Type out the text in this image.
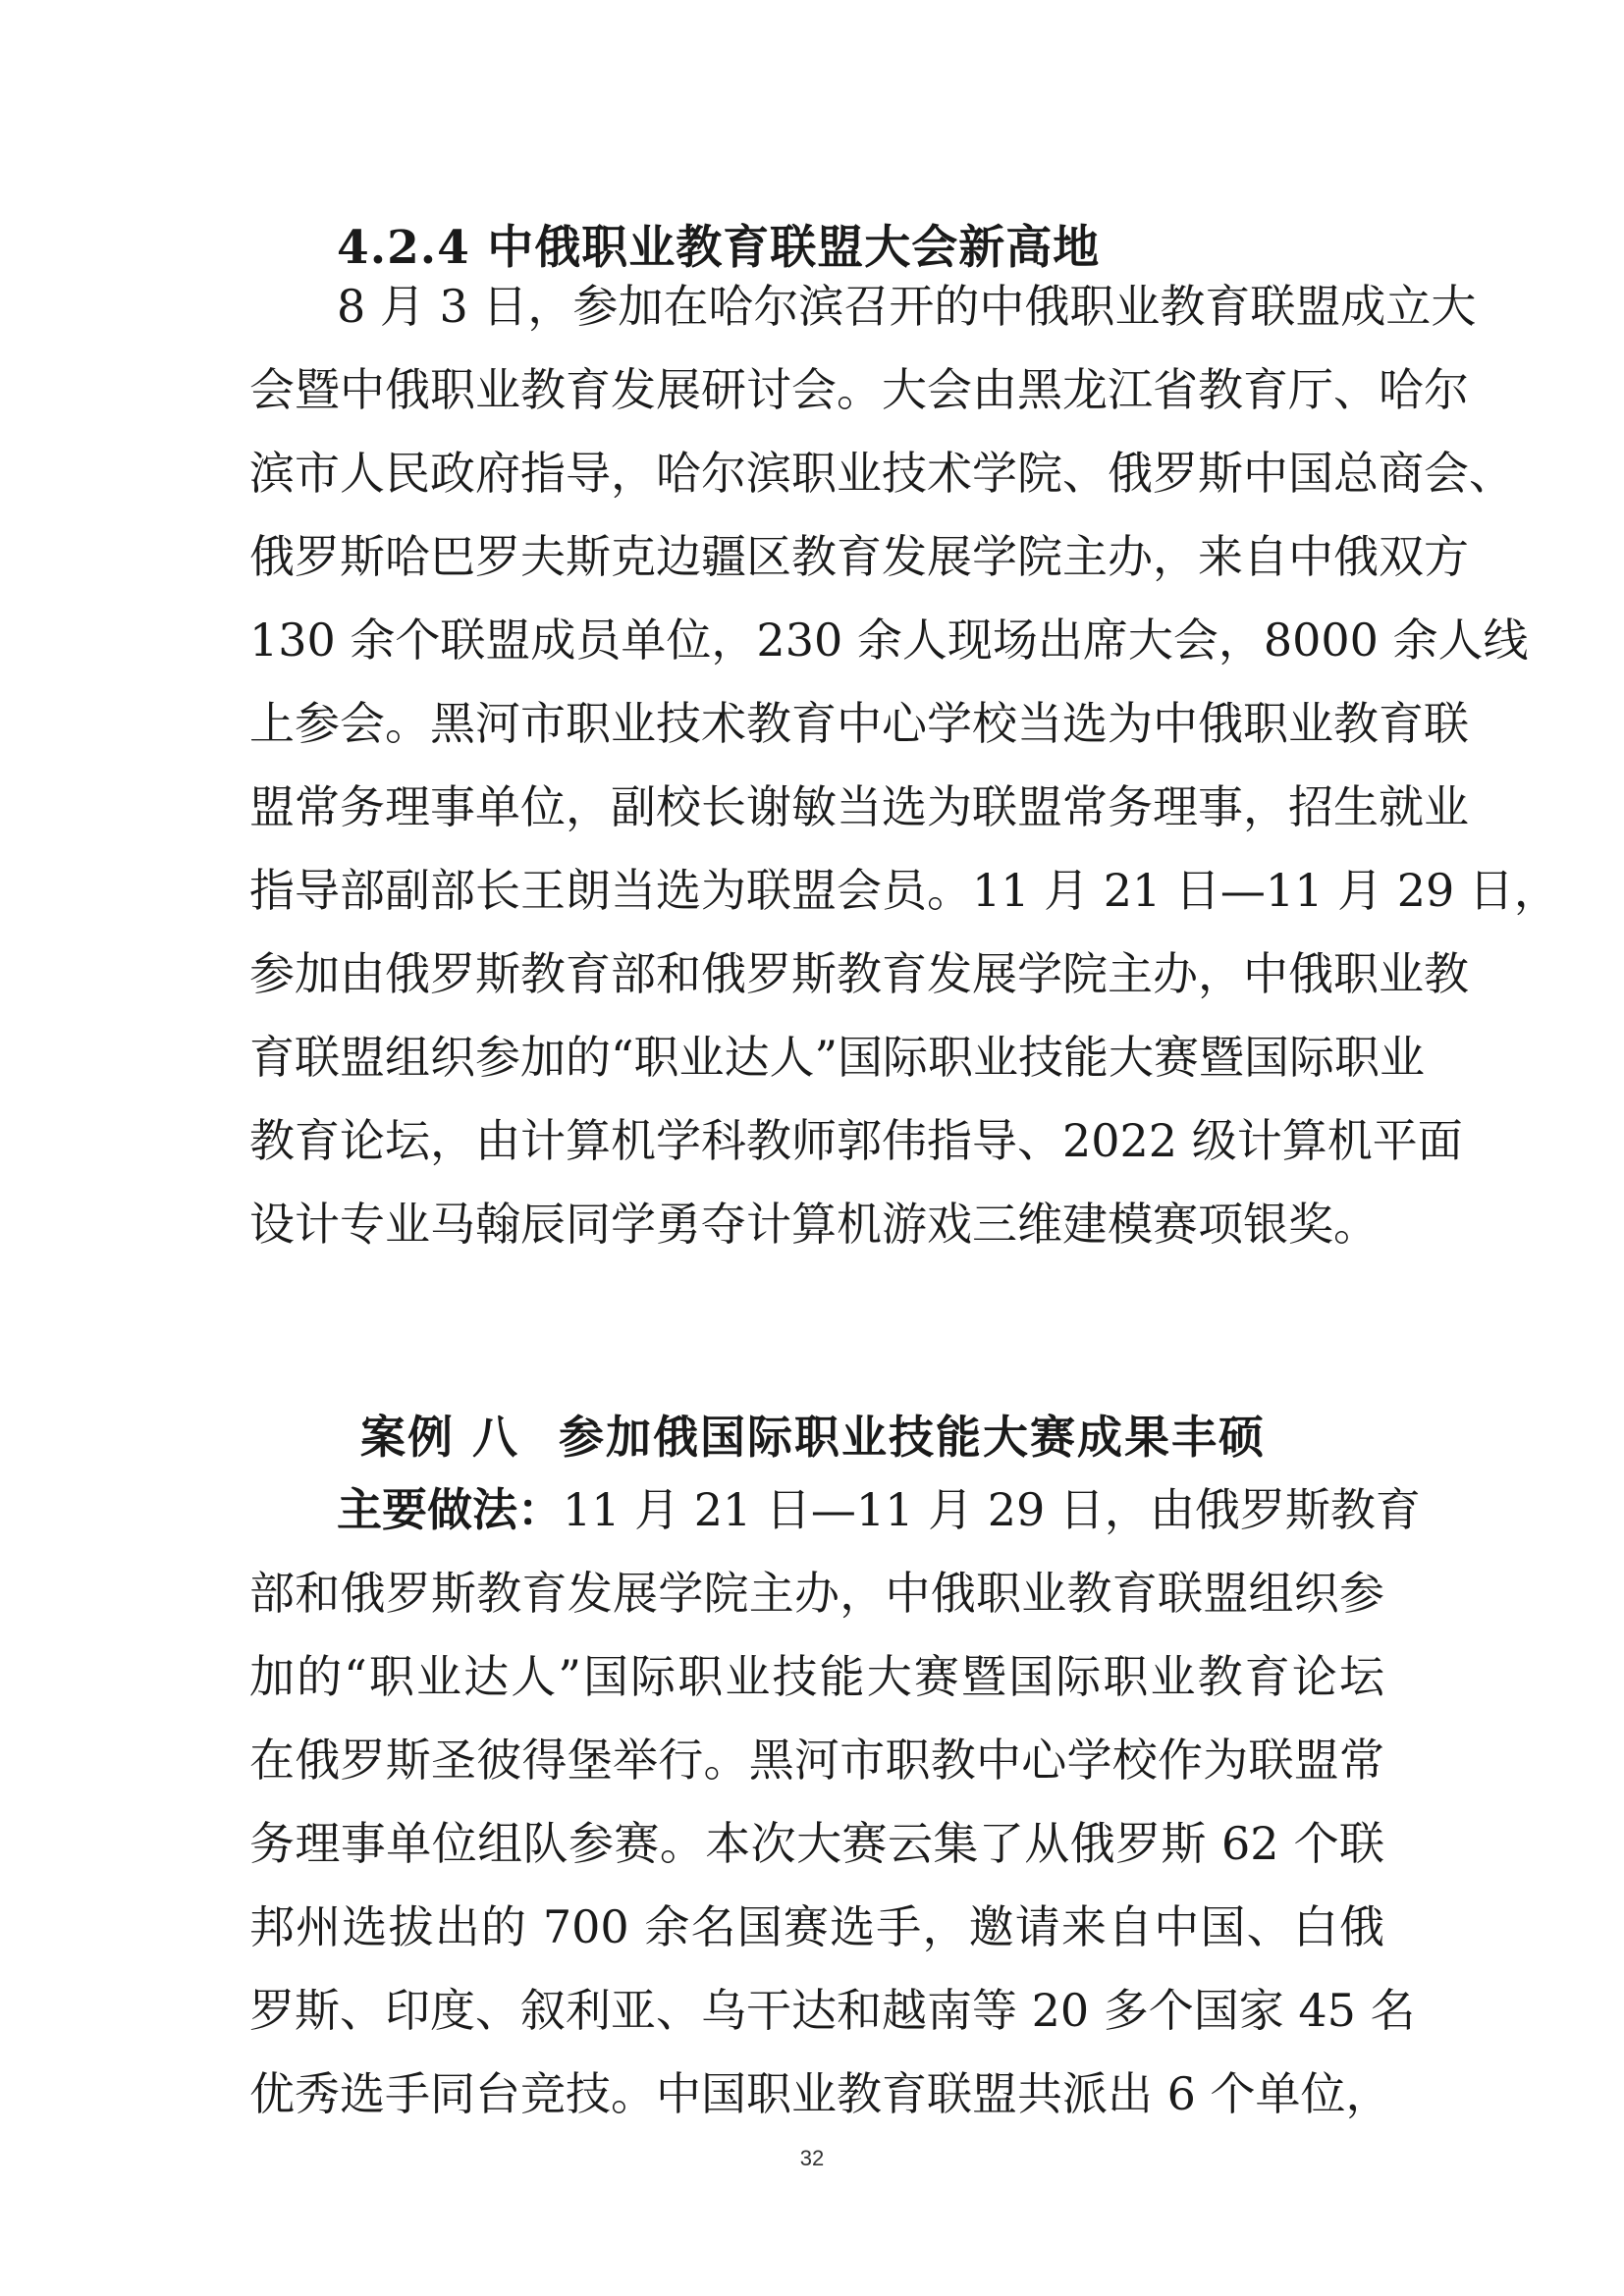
4.2.4 中俄职业教育联盟大会新高地
8 月 3 日，参加在哈尔滨召开的中俄职业教育联盟成立大
会暨中俄职业教育发展研讨会。大会由黑龙江省教育厅、哈尔
滨市人民政府指导，哈尔滨职业技术学院、俄罗斯中国总商会、
俄罗斯哈巴罗夫斯克边疆区教育发展学院主办，来自中俄双方
130 余个联盟成员单位，230 余人现场出席大会，8000 余人线
上参会。黑河市职业技术教育中心学校当选为中俄职业教育联
盟常务理事单位，副校长谢敏当选为联盟常务理事，招生就业
指导部副部长王朗当选为联盟会员。11 月 21 日—11 月 29 日，
参加由俄罗斯教育部和俄罗斯教育发展学院主办，中俄职业教
育联盟组织参加的“职业达人”国际职业技能大赛暨国际职业
教育论坛，由计算机学科教师郭伟指导、2022 级计算机平面
设计专业马翰辰同学勇夺计算机游戏三维建模赛项银奖。
案例 八 参加俄国际职业技能大赛成果丰硕
主要做法：11 月 21 日—11 月 29 日，由俄罗斯教育
部和俄罗斯教育发展学院主办，中俄职业教育联盟组织参
加的“职业达人”国际职业技能大赛暨国际职业教育论坛
在俄罗斯圣彼得堡举行。黑河市职教中心学校作为联盟常
务理事单位组队参赛。本次大赛云集了从俄罗斯 62 个联
邦州选拔出的 700 余名国赛选手，邀请来自中国、白俄
罗斯、印度、叙利亚、乌干达和越南等 20 多个国家 45 名
优秀选手同台竞技。中国职业教育联盟共派出 6 个单位，
32
